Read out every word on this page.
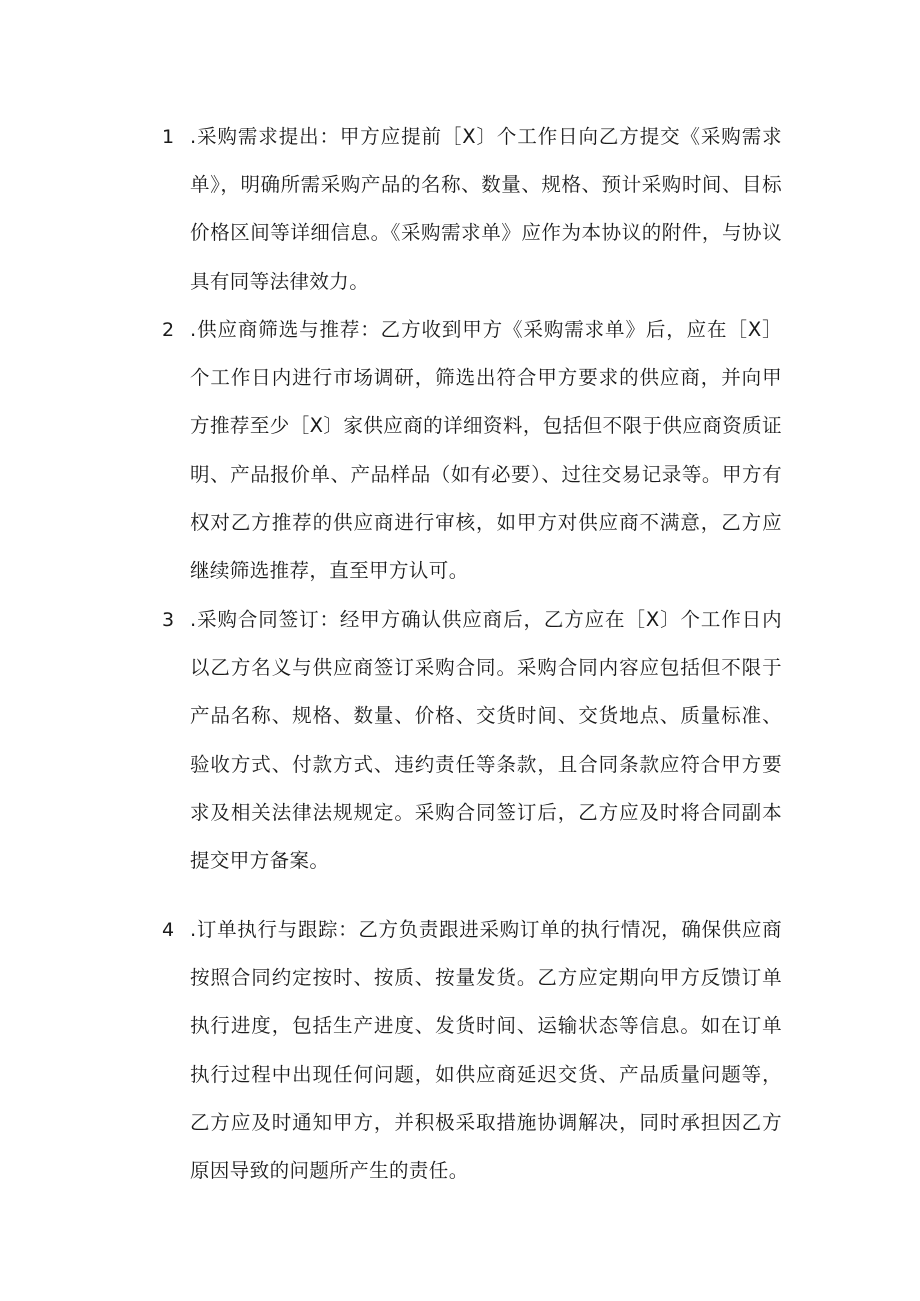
1 .采购需求提出：甲方应提前［X〕个工作日向乙方提交《采购需求单》，明确所需采购产品的名称、数量、规格、预计采购时间、目标价格区间等详细信息。《采购需求单》应作为本协议的附件，与协议具有同等法律效力。
2 .供应商筛选与推荐：乙方收到甲方《采购需求单》后，应在［X］个工作日内进行市场调研，筛选出符合甲方要求的供应商，并向甲方推荐至少［X〕家供应商的详细资料，包括但不限于供应商资质证明、产品报价单、产品样品（如有必要）、过往交易记录等。甲方有权对乙方推荐的供应商进行审核，如甲方对供应商不满意，乙方应继续筛选推荐，直至甲方认可。
3 .采购合同签订：经甲方确认供应商后，乙方应在［X〕个工作日内以乙方名义与供应商签订采购合同。采购合同内容应包括但不限于产品名称、规格、数量、价格、交货时间、交货地点、质量标准、验收方式、付款方式、违约责任等条款，且合同条款应符合甲方要求及相关法律法规规定。采购合同签订后，乙方应及时将合同副本提交甲方备案。
4 .订单执行与跟踪：乙方负责跟进采购订单的执行情况，确保供应商按照合同约定按时、按质、按量发货。乙方应定期向甲方反馈订单执行进度，包括生产进度、发货时间、运输状态等信息。如在订单执行过程中出现任何问题，如供应商延迟交货、产品质量问题等，乙方应及时通知甲方，并积极采取措施协调解决，同时承担因乙方原因导致的问题所产生的责任。
